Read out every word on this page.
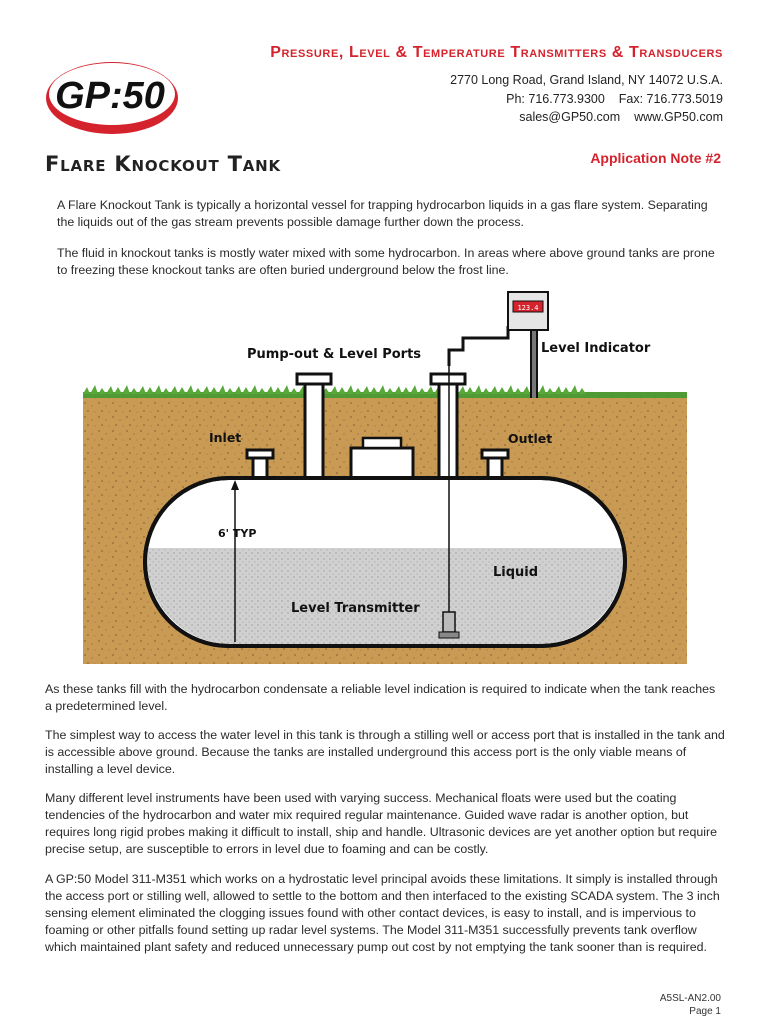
GP:50
Pressure, Level & Temperature Transmitters & Transducers
2770 Long Road, Grand Island, NY 14072 U.S.A.
Ph: 716.773.9300 Fax: 716.773.5019
sales@GP50.com www.GP50.com
Flare Knockout Tank	Application Note #2

A Flare Knockout Tank is typically a horizontal vessel for trapping hydrocarbon liquids in a gas flare system. Separating the liquids out of the gas stream prevents possible damage further down the process.

The fluid in knockout tanks is mostly water mixed with some hydrocarbon. In areas where above ground tanks are prone to freezing these knockout tanks are often buried underground below the frost line.

6' TYP
123.4
Pump-out & Level Ports	Level Indicator
Inlet	Outlet
Liquid
Level Transmitter

As these tanks fill with the hydrocarbon condensate a reliable level indication is required to indicate when the tank reaches a predetermined level.

The simplest way to access the water level in this tank is through a stilling well or access port that is installed in the tank and is accessible above ground. Because the tanks are installed underground this access port is the only viable means of installing a level device.

Many different level instruments have been used with varying success. Mechanical floats were used but the coating tendencies of the hydrocarbon and water mix required regular maintenance. Guided wave radar is another option, but requires long rigid probes making it difficult to install, ship and handle. Ultrasonic devices are yet another option but require precise setup, are susceptible to errors in level due to foaming and can be costly.

A GP:50 Model 311-M351 which works on a hydrostatic level principal avoids these limitations. It simply is installed through the access port or stilling well, allowed to settle to the bottom and then interfaced to the existing SCADA system. The 3 inch sensing element eliminated the clogging issues found with other contact devices, is easy to install, and is impervious to foaming or other pitfalls found setting up radar level systems. The Model 311-M351 successfully prevents tank overflow which maintained plant safety and reduced unnecessary pump out cost by not emptying the tank sooner than is required.

A5SL-AN2.00
Page 1
